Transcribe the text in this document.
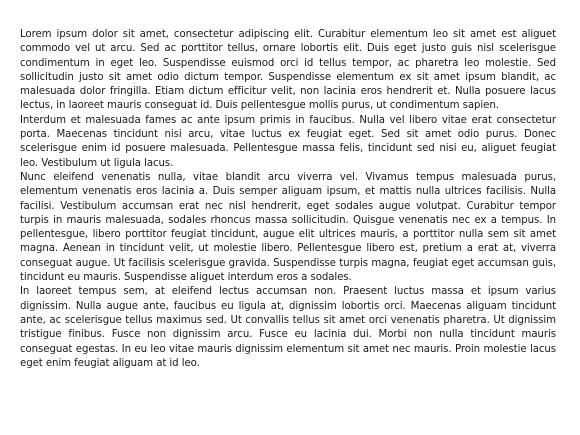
Lorem ipsum dolor sit amet, consectetur adipiscing elit. Curabitur elementum leo sit amet est aliguet commodo vel ut arcu. Sed ac porttitor tellus, ornare lobortis elit. Duis eget justo guis nisl scelerisgue condimentum in eget leo. Suspendisse euismod orci id tellus tempor, ac pharetra leo molestie. Sed sollicitudin justo sit amet odio dictum tempor. Suspendisse elementum ex sit amet ipsum blandit, ac malesuada dolor fringilla. Etiam dictum efficitur velit, non lacinia eros hendrerit et. Nulla posuere lacus lectus, in laoreet mauris conseguat id. Duis pellentesgue mollis purus, ut condimentum sapien.

Interdum et malesuada fames ac ante ipsum primis in faucibus. Nulla vel libero vitae erat consectetur porta. Maecenas tincidunt nisi arcu, vitae luctus ex feugiat eget. Sed sit amet odio purus. Donec scelerisgue enim id posuere malesuada. Pellentesgue massa felis, tincidunt sed nisi eu, aliguet feugiat leo. Vestibulum ut ligula lacus.

Nunc eleifend venenatis nulla, vitae blandit arcu viverra vel. Vivamus tempus malesuada purus, elementum venenatis eros lacinia a. Duis semper aliguam ipsum, et mattis nulla ultrices facilisis. Nulla facilisi. Vestibulum accumsan erat nec nisl hendrerit, eget sodales augue volutpat. Curabitur tempor turpis in mauris malesuada, sodales rhoncus massa sollicitudin. Quisgue venenatis nec ex a tempus. In pellentesgue, libero porttitor feugiat tincidunt, augue elit ultrices mauris, a porttitor nulla sem sit amet magna. Aenean in tincidunt velit, ut molestie libero. Pellentesgue libero est, pretium a erat at, viverra conseguat augue. Ut facilisis scelerisgue gravida. Suspendisse turpis magna, feugiat eget accumsan guis, tincidunt eu mauris. Suspendisse aliguet interdum eros a sodales.

In laoreet tempus sem, at eleifend lectus accumsan non. Praesent luctus massa et ipsum varius dignissim. Nulla augue ante, faucibus eu ligula at, dignissim lobortis orci. Maecenas aliguam tincidunt ante, ac scelerisgue tellus maximus sed. Ut convallis tellus sit amet orci venenatis pharetra. Ut dignissim tristigue finibus. Fusce non dignissim arcu. Fusce eu lacinia dui. Morbi non nulla tincidunt mauris conseguat egestas. In eu leo vitae mauris dignissim elementum sit amet nec mauris. Proin molestie lacus eget enim feugiat aliguam at id leo.
